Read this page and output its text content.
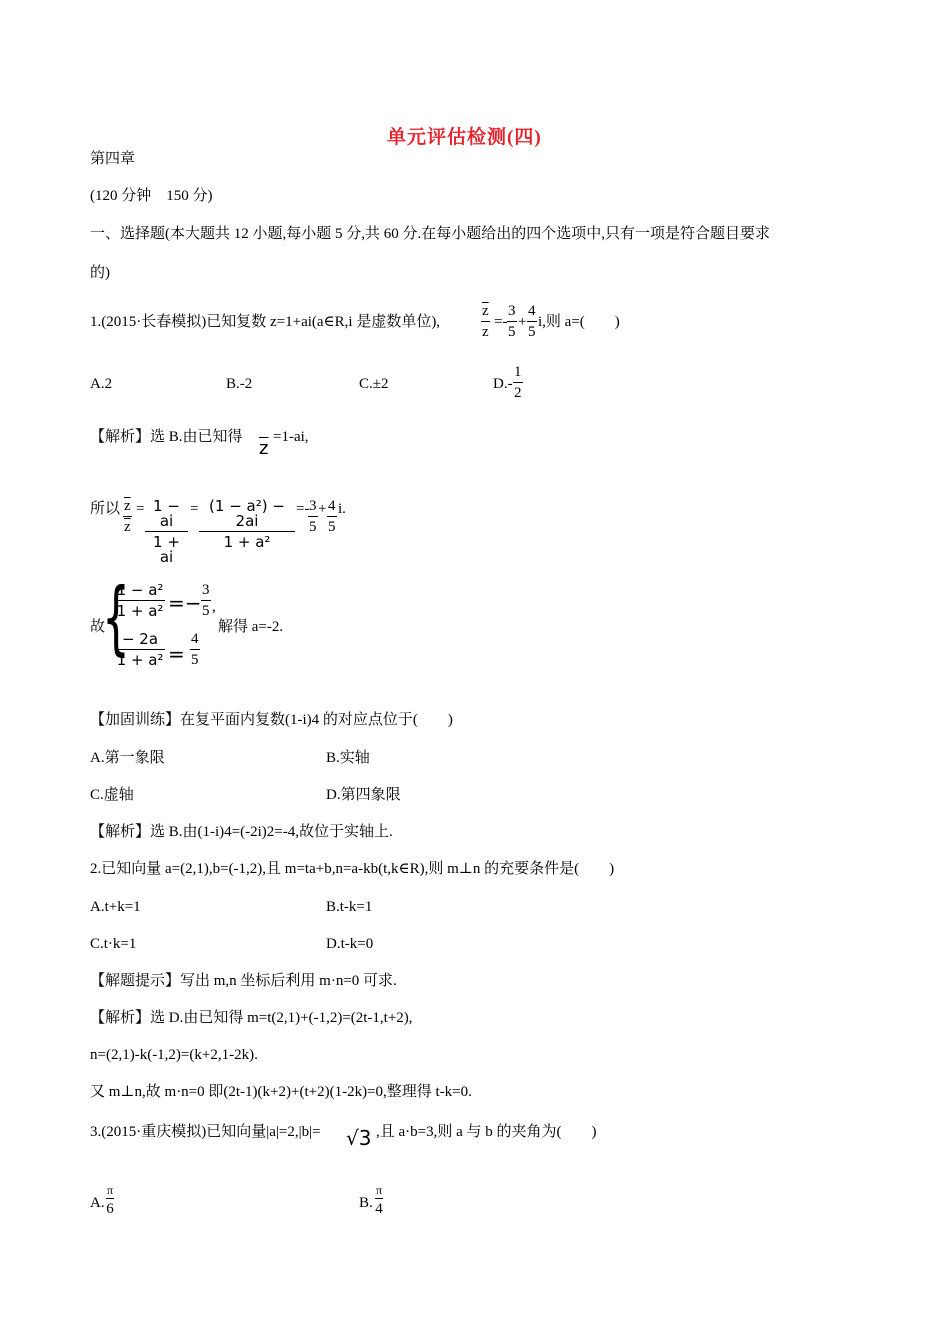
单元评估检测(四)
第四章
(120 分钟　150 分)
一、选择题(本大题共 12 小题,每小题 5 分,共 60 分.在每小题给出的四个选项中,只有一项是符合题目要求
的)
1.(2015·长春模拟)已知复数 z=1+ai(a∈R,i 是虚数单位),	$\frac{\overline{z}}{z} =- \frac{3}{5} + \frac{4}{5} i$,则 a=(　　)
A.2	B.-2	C.±2	$D.- \frac{1}{2}$
【解析】选 B.由已知得
$\overline{z}$
=1-ai,
所以 $\frac{\overline{z}}{z} = \frac{1 - ai}{1 + ai} = \frac{\text{(1 − a²) − 2ai}}{\text{1 + a²}}$ =-
$\frac{3}{5} + \frac{4}{5} i$.
故
{
$\frac{\text{1 − a²}}{\text{1 + a²}} =- \frac{3}{5}$ ,
解得 a=-2.
$\frac{- 2a}{\text{1 + a²}} = \frac{4}{5}$
【加固训练】在复平面内复数(1-i)4 的对应点位于(　　)
A.第一象限	B.实轴
C.虚轴	D.第四象限
【解析】选 B.由(1-i)4=(-2i)2=-4,故位于实轴上.
2.已知向量 a=(2,1),b=(-1,2),且 m=ta+b,n=a-kb(t,k∈R),则 m⊥n 的充要条件是(　　)
A.t+k=1	B.t-k=1
C.t·k=1	D.t-k=0
【解题提示】写出 m,n 坐标后利用 m·n=0 可求.
【解析】选 D.由已知得 m=t(2,1)+(-1,2)=(2t-1,t+2),
n=(2,1)-k(-1,2)=(k+2,1-2k).
又 m⊥n,故 m·n=0 即(2t-1)(k+2)+(t+2)(1-2k)=0,整理得 t-k=0.
3.(2015·重庆模拟)已知向量|a|=2,|b|= √3 ,且 a·b=3,则 a 与 b 的夹角为(　　)
A.
π
6	B.
π
4
